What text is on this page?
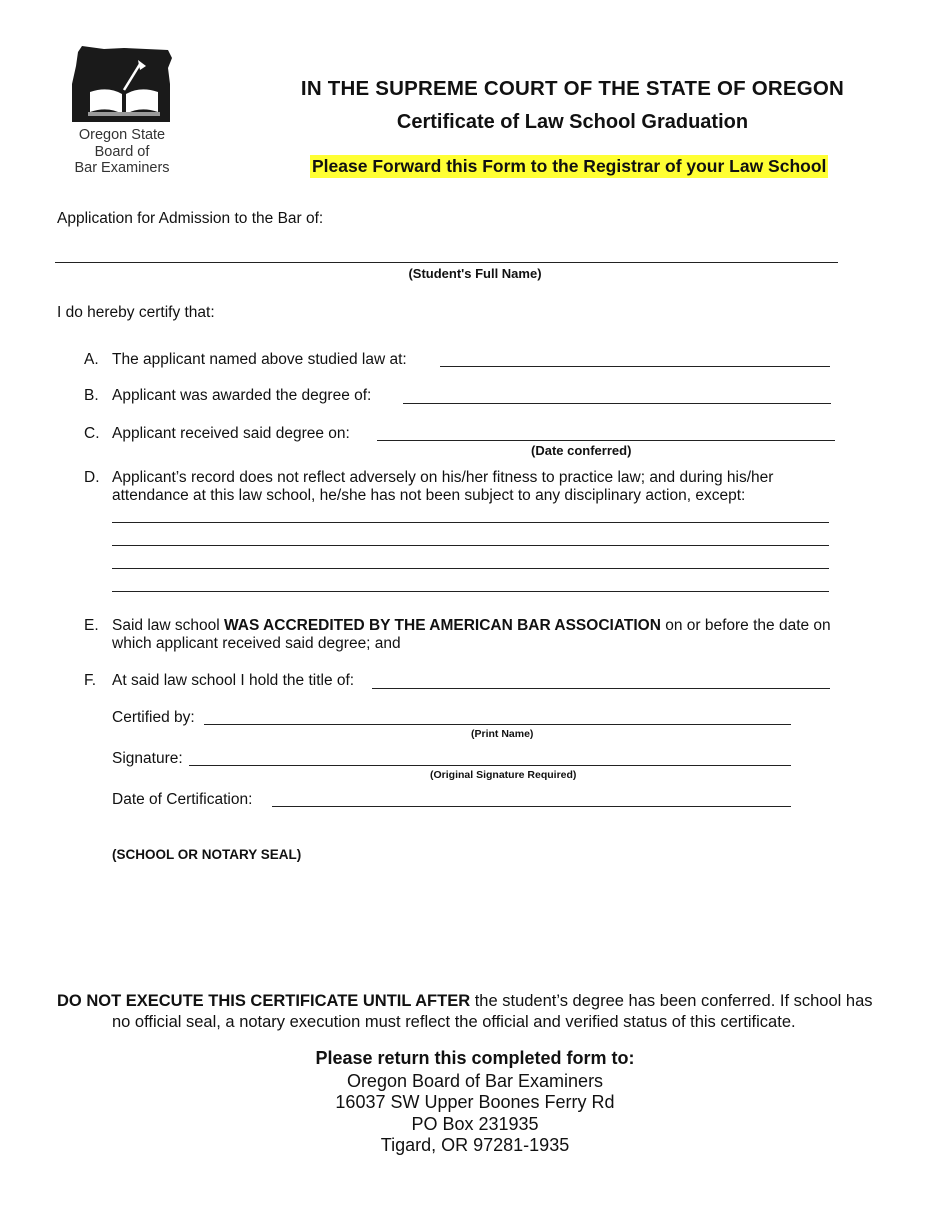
Oregon State
Board of
Bar Examiners
IN THE SUPREME COURT OF THE STATE OF OREGON
Certificate of Law School Graduation
Please Forward this Form to the Registrar of your Law School
Application for Admission to the Bar of:
(Student's Full Name)
I do hereby certify that:
A. The applicant named above studied law at:
B. Applicant was awarded the degree of:
C. Applicant received said degree on:
(Date conferred)
D. Applicant’s record does not reflect adversely on his/her fitness to practice law; and during his/her attendance at this law school, he/she has not been subject to any disciplinary action, except:
E. Said law school WAS ACCREDITED BY THE AMERICAN BAR ASSOCIATION on or before the date on which applicant received said degree; and
F. At said law school I hold the title of:
Certified by:
(Print Name)
Signature:
(Original Signature Required)
Date of Certification:
(SCHOOL OR NOTARY SEAL)
DO NOT EXECUTE THIS CERTIFICATE UNTIL AFTER the student’s degree has been conferred. If school has
no official seal, a notary execution must reflect the official and verified status of this certificate.
Please return this completed form to:
Oregon Board of Bar Examiners
16037 SW Upper Boones Ferry Rd
PO Box 231935
Tigard, OR 97281-1935
